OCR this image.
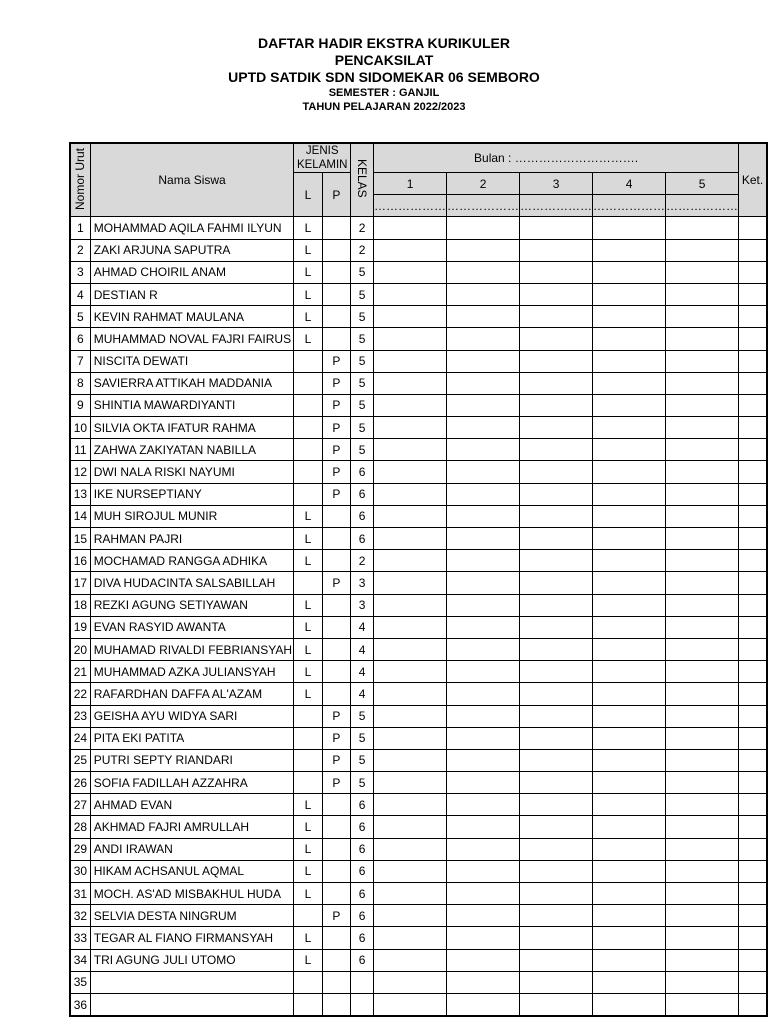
DAFTAR HADIR EKSTRA KURIKULER
PENCAKSILAT
UPTD SATDIK SDN SIDOMEKAR 06 SEMBORO
SEMESTER : GANJIL
TAHUN PELAJARAN 2022/2023
Nomor Urut	Nama Siswa	JENIS KELAMIN		KELAS	Bulan : ………………………….					Ket.
		L	P		1	2	3	4	5	
					………………	………………	………………	………………	………………	
1	MOHAMMAD AQILA FAHMI ILYUN	L		2						
2	ZAKI ARJUNA SAPUTRA	L		2						
3	AHMAD CHOIRIL ANAM	L		5						
4	DESTIAN R	L		5						
5	KEVIN RAHMAT MAULANA	L		5						
6	MUHAMMAD NOVAL FAJRI FAIRUS	L		5						
7	NISCITA DEWATI		P	5						
8	SAVIERRA ATTIKAH MADDANIA		P	5						
9	SHINTIA MAWARDIYANTI		P	5						
10	SILVIA OKTA IFATUR RAHMA		P	5						
11	ZAHWA ZAKIYATAN NABILLA		P	5						
12	DWI NALA RISKI NAYUMI		P	6						
13	IKE NURSEPTIANY		P	6						
14	MUH SIROJUL MUNIR	L		6						
15	RAHMAN PAJRI	L		6						
16	MOCHAMAD RANGGA ADHIKA	L		2						
17	DIVA HUDACINTA SALSABILLAH		P	3						
18	REZKI AGUNG SETIYAWAN	L		3						
19	EVAN RASYID AWANTA	L		4						
20	MUHAMAD RIVALDI FEBRIANSYAH	L		4						
21	MUHAMMAD AZKA JULIANSYAH	L		4						
22	RAFARDHAN DAFFA AL'AZAM	L		4						
23	GEISHA AYU WIDYA SARI		P	5						
24	PITA EKI PATITA		P	5						
25	PUTRI SEPTY RIANDARI		P	5						
26	SOFIA FADILLAH AZZAHRA		P	5						
27	AHMAD EVAN	L		6						
28	AKHMAD FAJRI AMRULLAH	L		6						
29	ANDI IRAWAN	L		6						
30	HIKAM ACHSANUL AQMAL	L		6						
31	MOCH. AS'AD MISBAKHUL HUDA	L		6						
32	SELVIA DESTA NINGRUM		P	6						
33	TEGAR AL FIANO FIRMANSYAH	L		6						
34	TRI AGUNG JULI UTOMO	L		6						
35										
36										
